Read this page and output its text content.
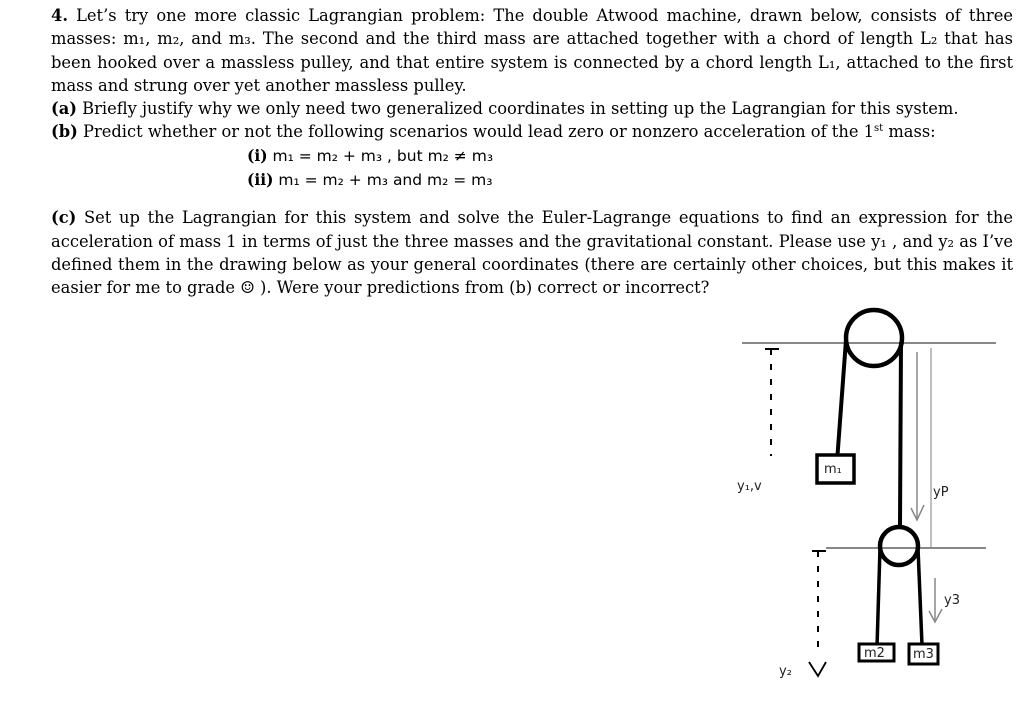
4. Let’s try one more classic Lagrangian problem: The double Atwood machine, drawn below, consists of three masses: m₁, m₂, and m₃. The second and the third mass are attached together with a chord of length L₂ that has been hooked over a massless pulley, and that entire system is connected by a chord length L₁, attached to the first mass and strung over yet another massless pulley.

(a) Briefly justify why we only need two generalized coordinates in setting up the Lagrangian for this system.

(b) Predict whether or not the following scenarios would lead zero or nonzero acceleration of the 1st mass:

(i) m₁ = m₂ + m₃ , but m₂ ≠ m₃

(ii) m₁ = m₂ + m₃ and m₂ = m₃

(c) Set up the Lagrangian for this system and solve the Euler-Lagrange equations to find an expression for the acceleration of mass 1 in terms of just the three masses and the gravitational constant. Please use y₁ , and y₂ as I’ve defined them in the drawing below as your general coordinates (there are certainly other choices, but this makes it easier for me to grade ☺ ). Were your predictions from (b) correct or incorrect?

m₁
y₁,v	yP
y3
m2 m3
y₂
